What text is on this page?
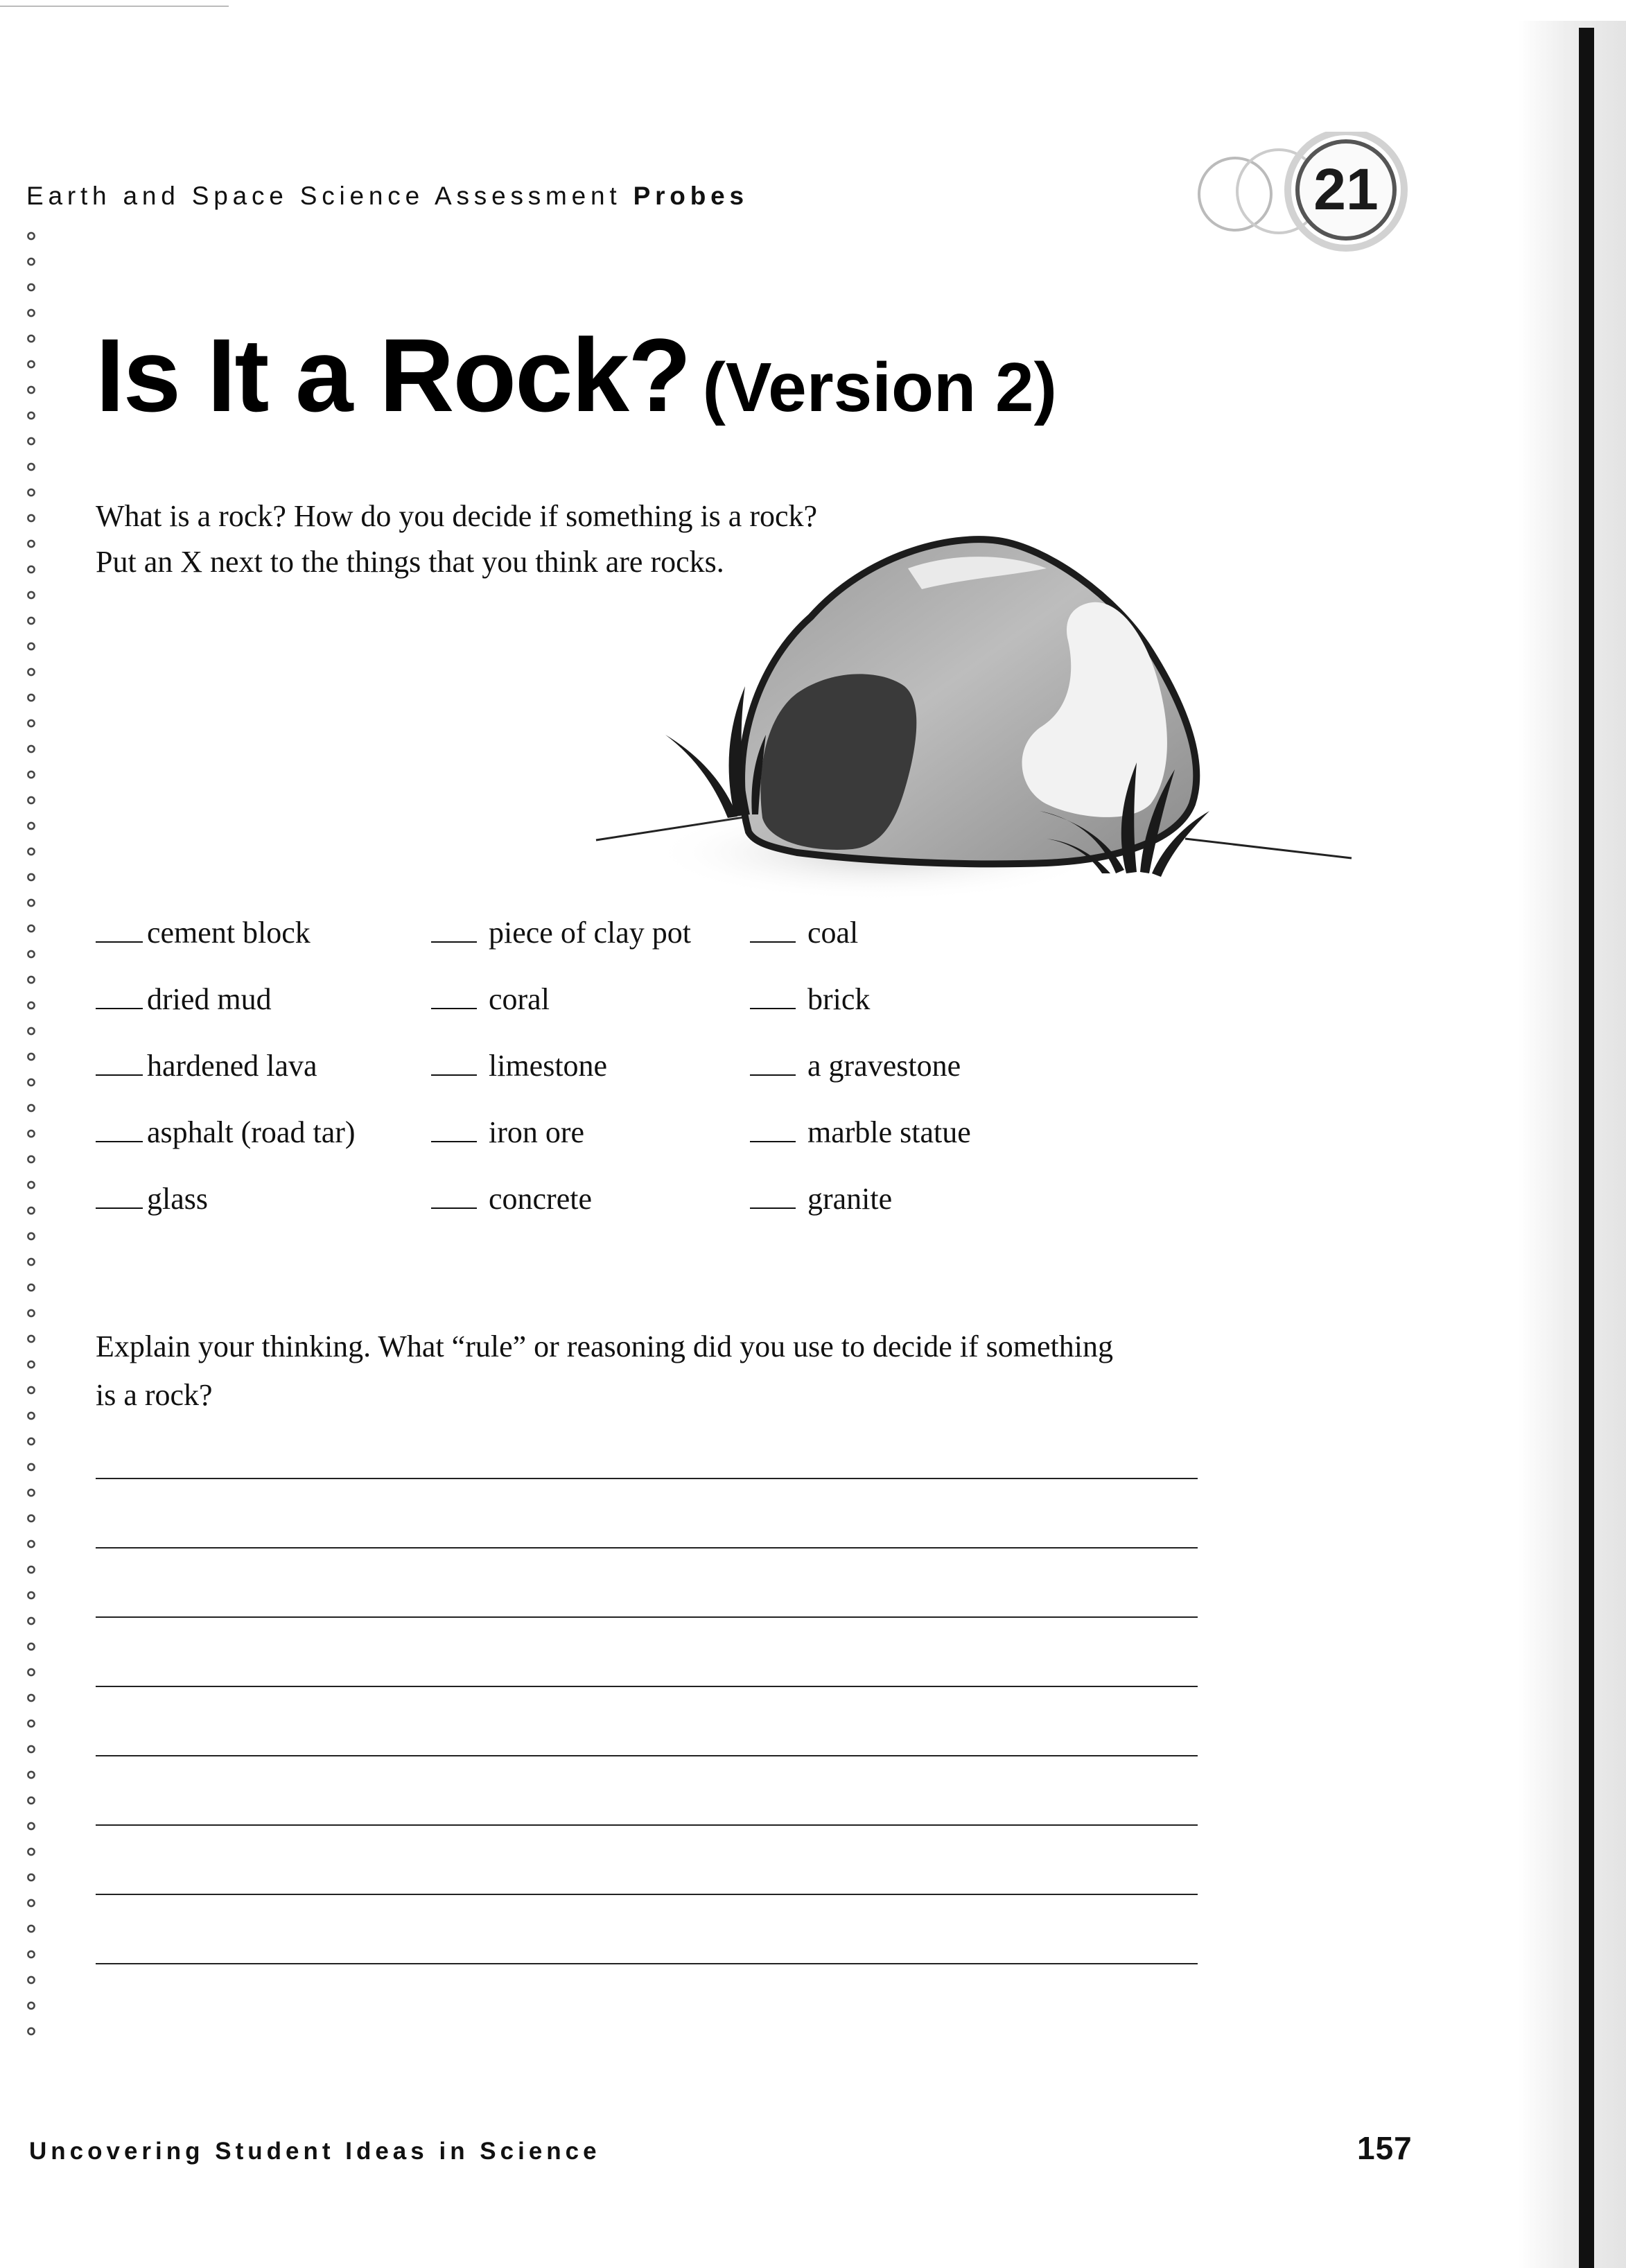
Earth and Space Science Assessment Probes	21
Is It a Rock? (Version 2)
What is a rock? How do you decide if something is a rock?
Put an X next to the things that you think are rocks.
cement block
dried mud
hardened lava
asphalt (road tar)
glass
piece of clay pot
coral
limestone
iron ore
concrete
coal
brick
a gravestone
marble statue
granite
Explain your thinking. What “rule” or reasoning did you use to decide if something
is a rock?
Uncovering Student Ideas in Science	157
